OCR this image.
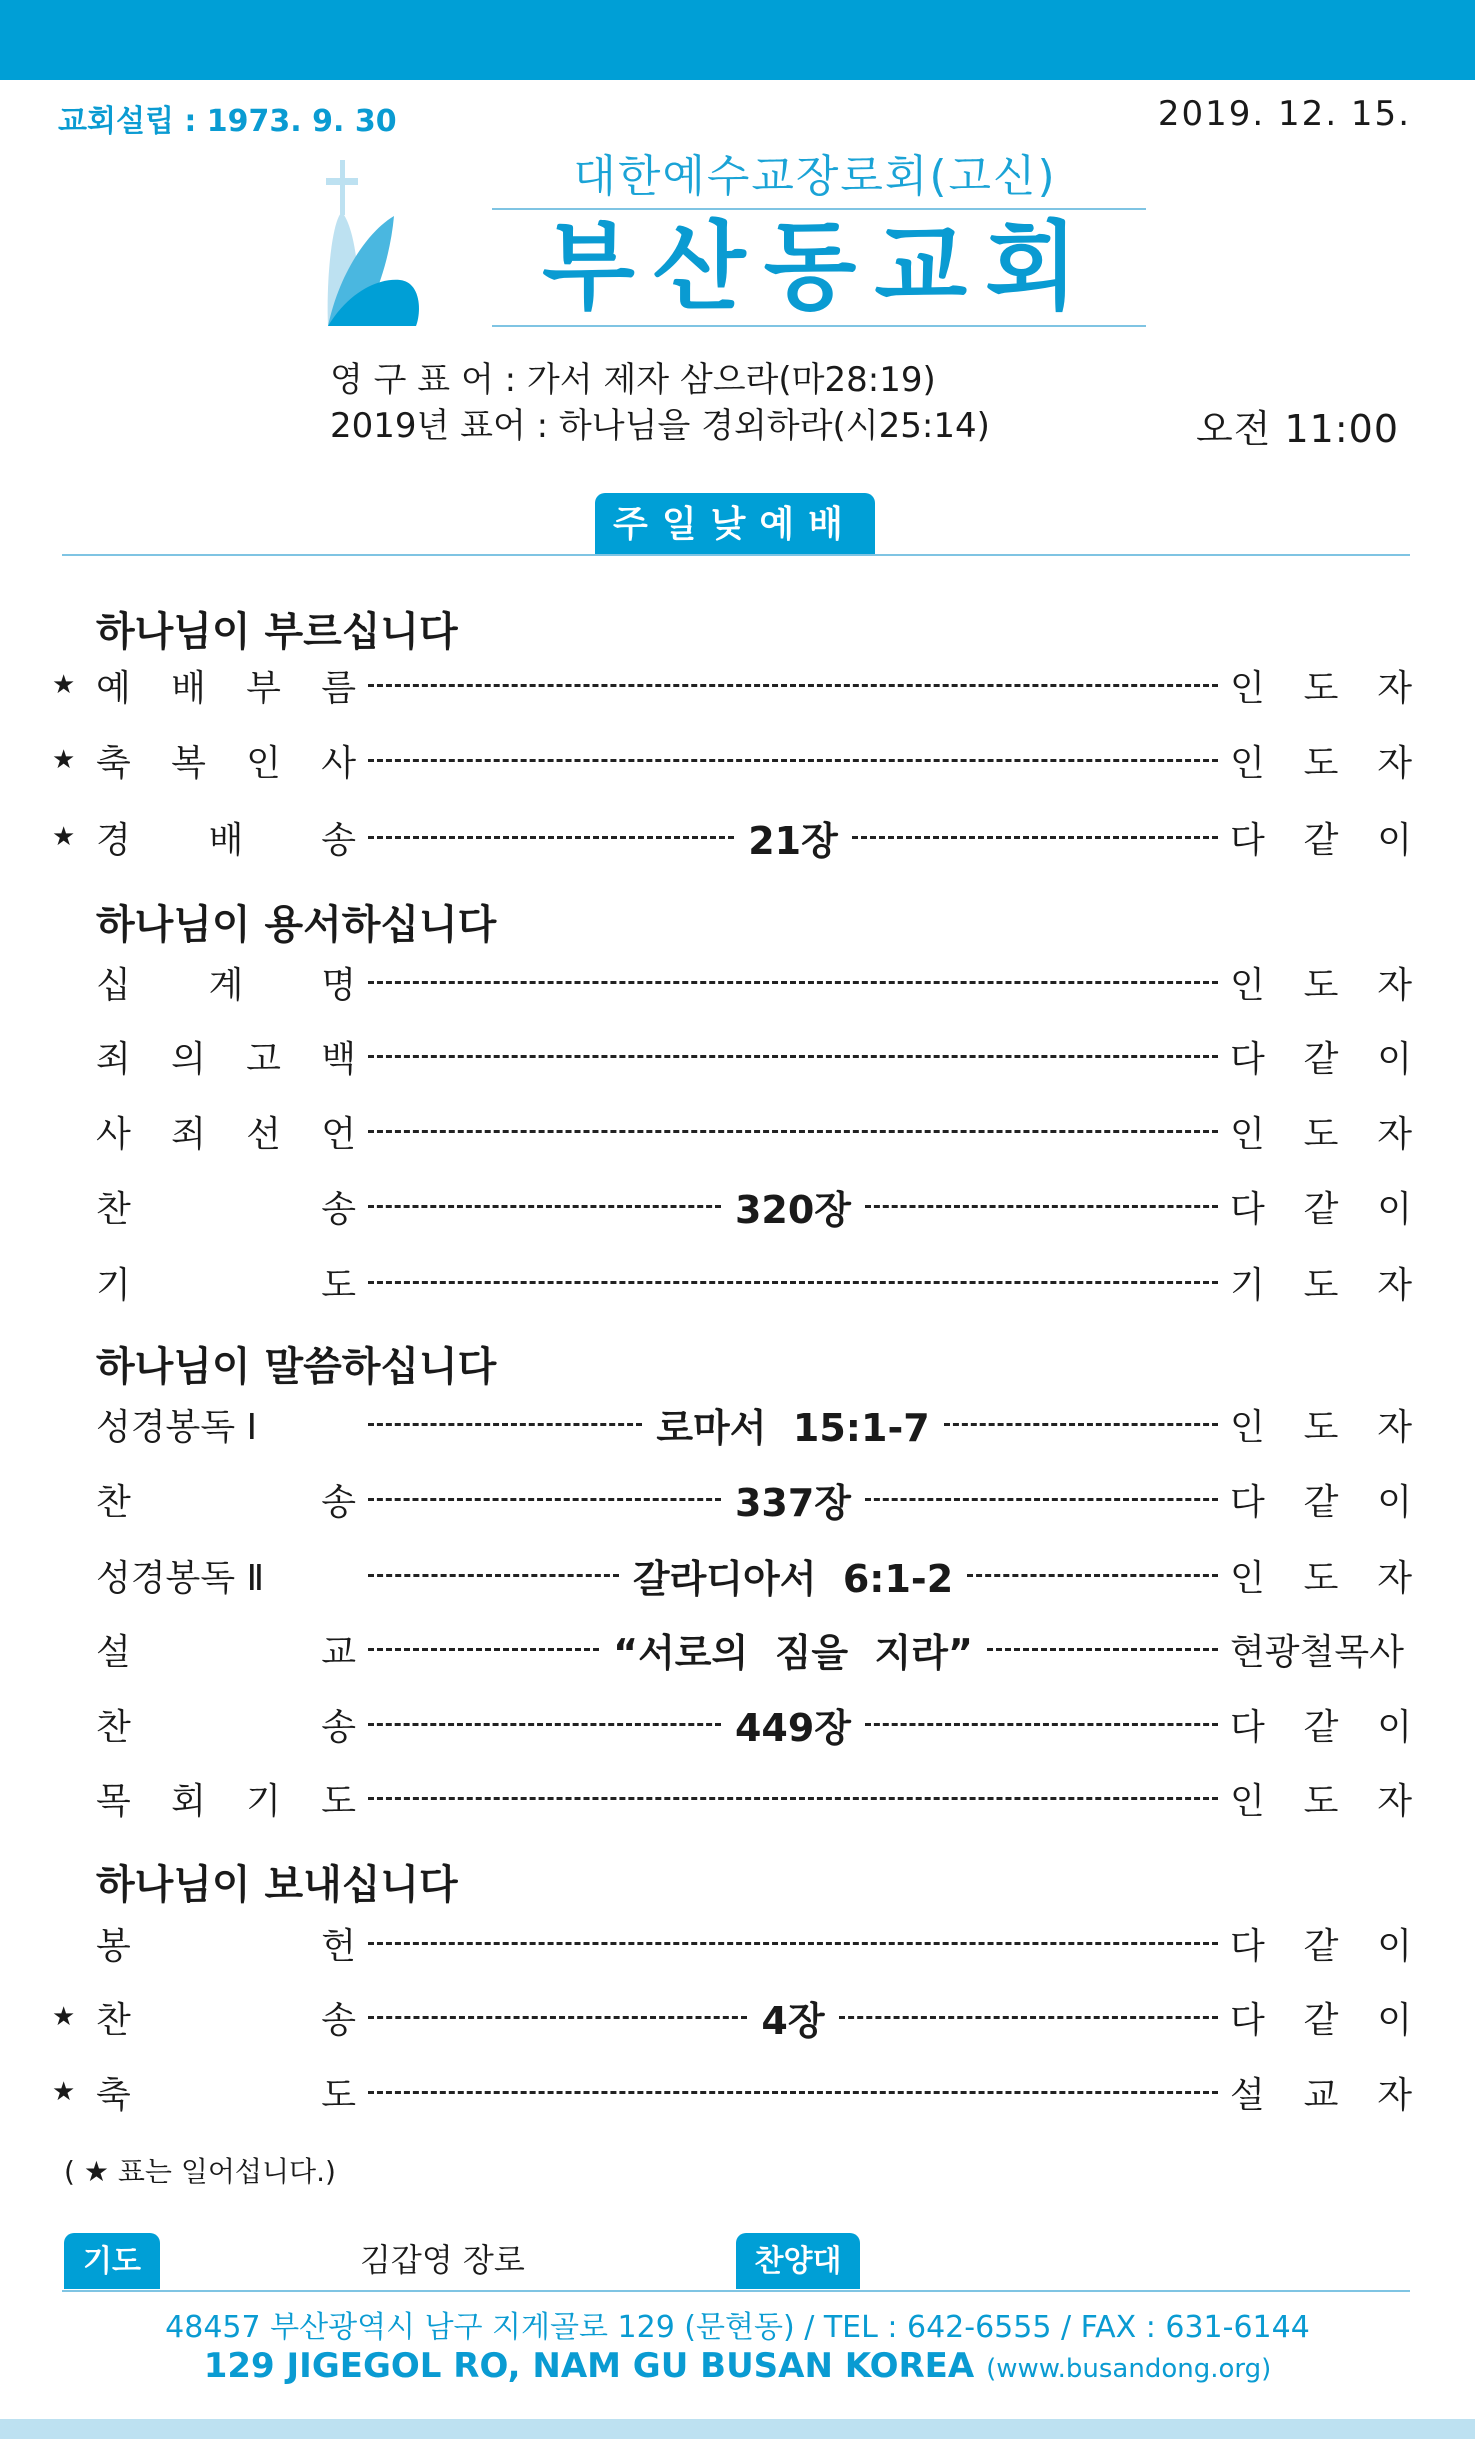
교회설립 : 1973. 9. 30	2019. 12. 15.
대한예수교장로회(고신)
부산동교회
영 구 표 어 : 가서 제자 삼으라(마28:19)
2019년 표어 : 하나님을 경외하라(시25:14)	오전 11:00
주일낮예배
하나님이 부르십니다
★ 예 배 부 름	인 도 자
★ 축 복 인 사	인 도 자
★ 경 배 송	21장	다 같 이
하나님이 용서하십니다
십 계 명	인 도 자
죄 의 고 백	다 같 이
사 죄 선 언	인 도 자
찬	송	320장	다 같 이
기	도	기 도 자
하나님이 말씀하십니다
성경봉독 Ⅰ	로마서  15:1-7	인 도 자
찬	송	337장	다 같 이
성경봉독 Ⅱ	갈라디아서  6:1-2	인 도 자
설	교	“서로의  짐을  지라”	현광철목사
찬	송	449장	다 같 이
목 회 기 도	인 도 자
하나님이 보내십니다
봉	헌	다 같 이
★ 찬	송	4장	다 같 이
★ 축	도	설 교 자
( ★ 표는 일어섭니다.)
기도	김갑영 장로	찬양대
48457 부산광역시 남구 지게골로 129 (문현동) / TEL : 642-6555 / FAX : 631-6144
129 JIGEGOL RO, NAM GU BUSAN KOREA (www.busandong.org)
